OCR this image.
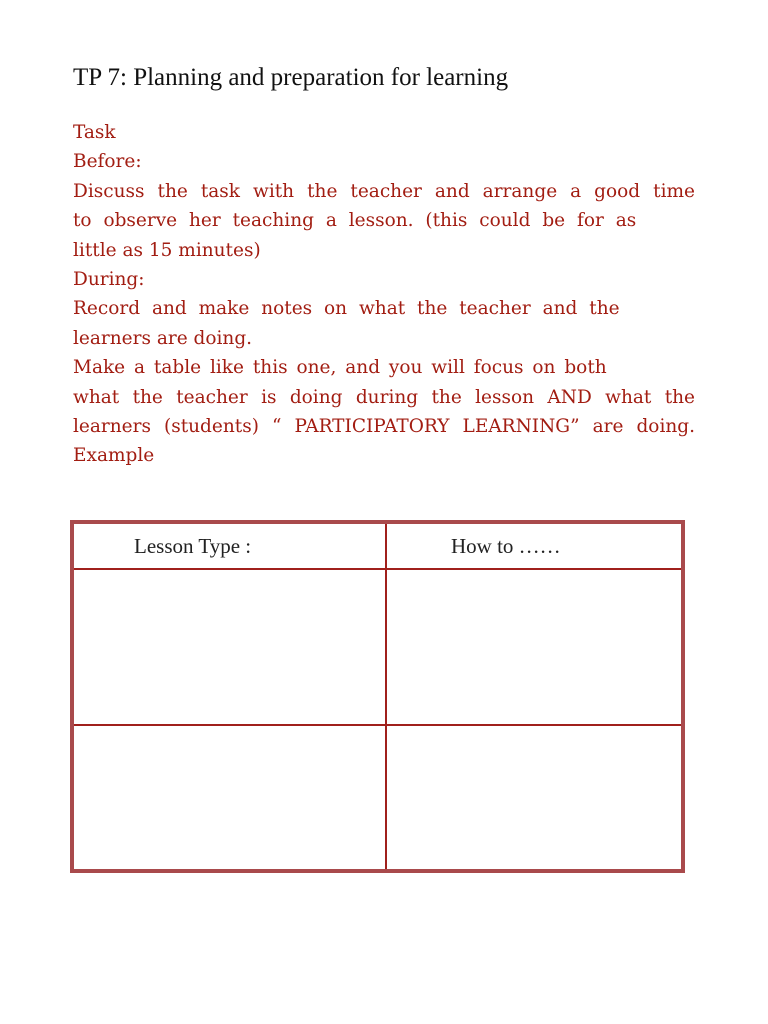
TP 7: Planning and preparation for learning
Task
Before:
Discuss the task with the teacher and arrange a good time
to observe her teaching a lesson. (this could be for as
little as 15 minutes)
During:
Record and make notes on what the teacher and the
learners are doing.
Make a table like this one, and you will focus on both
what the teacher is doing during the lesson AND what the
learners (students) “ PARTICIPATORY LEARNING” are doing.
Example
Lesson Type :	How to ……
